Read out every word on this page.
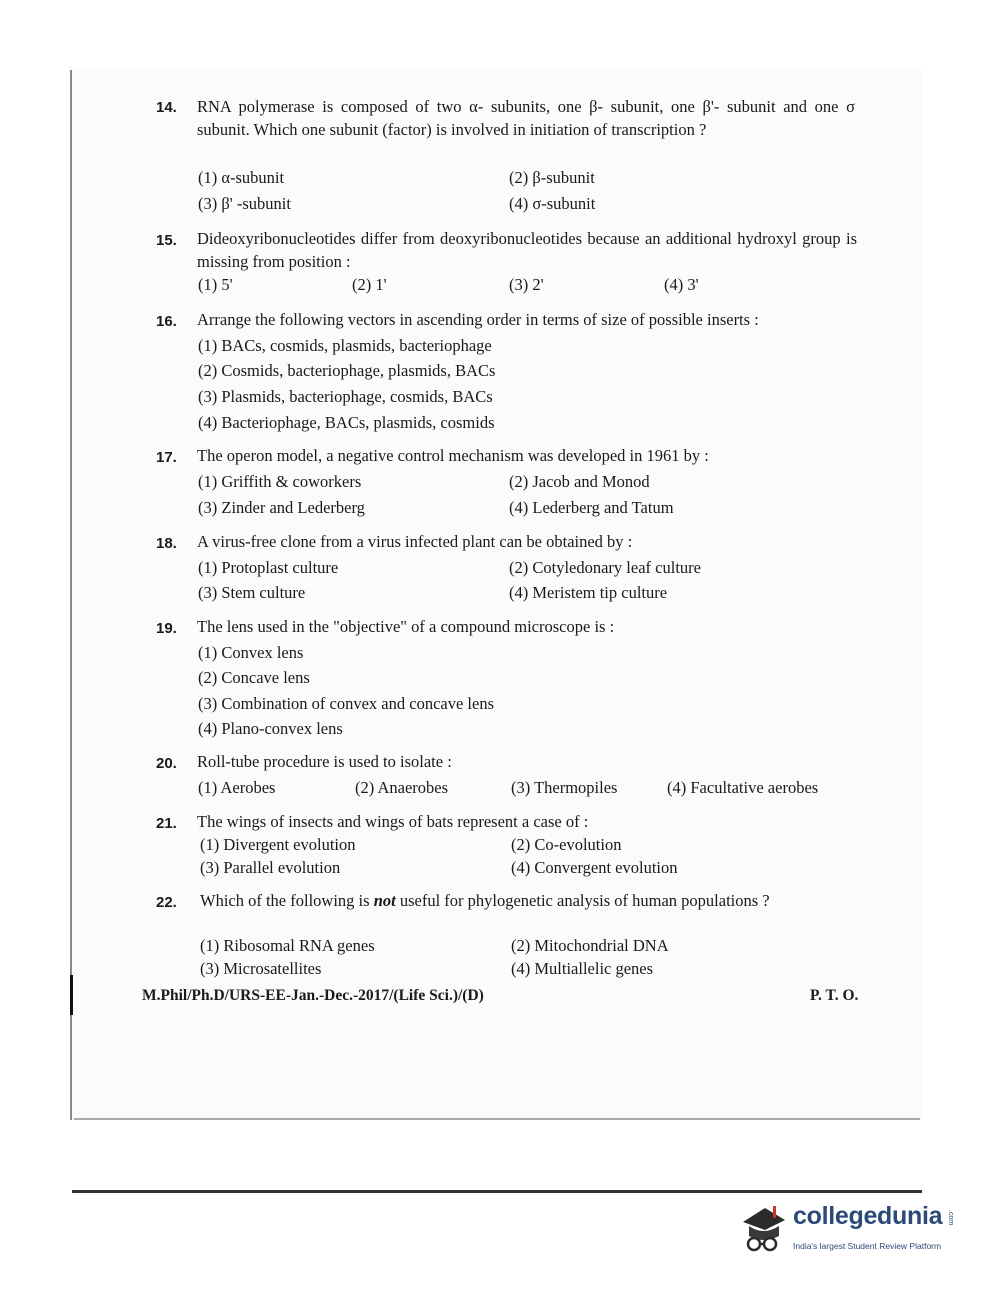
14. RNA polymerase is composed of two α- subunits, one β- subunit, one β'- subunit and one σ subunit. Which one subunit (factor) is involved in initiation of transcription ?
(1) α-subunit	(2) β-subunit
(3) β' -subunit	(4) σ-subunit
15. Dideoxyribonucleotides differ from deoxyribonucleotides because an additional hydroxyl group is missing from position :
(1) 5'	(2) 1'	(3) 2'	(4) 3'
16. Arrange the following vectors in ascending order in terms of size of possible inserts :
(1) BACs, cosmids, plasmids, bacteriophage
(2) Cosmids, bacteriophage, plasmids, BACs
(3) Plasmids, bacteriophage, cosmids, BACs
(4) Bacteriophage, BACs, plasmids, cosmids
17. The operon model, a negative control mechanism was developed in 1961 by :
(1) Griffith & coworkers	(2) Jacob and Monod
(3) Zinder and Lederberg	(4) Lederberg and Tatum
18. A virus-free clone from a virus infected plant can be obtained by :
(1) Protoplast culture	(2) Cotyledonary leaf culture
(3) Stem culture	(4) Meristem tip culture
19. The lens used in the "objective" of a compound microscope is :
(1) Convex lens
(2) Concave lens
(3) Combination of convex and concave lens
(4) Plano-convex lens
20. Roll-tube procedure is used to isolate :
(1) Aerobes	(2) Anaerobes	(3) Thermopiles	(4) Facultative aerobes
21. The wings of insects and wings of bats represent a case of :
(1) Divergent evolution	(2) Co-evolution
(3) Parallel evolution	(4) Convergent evolution
22. Which of the following is not useful for phylogenetic analysis of human populations ?
(1) Ribosomal RNA genes	(2) Mitochondrial DNA
(3) Microsatellites	(4) Multiallelic genes
M.Phil/Ph.D/URS-EE-Jan.-Dec.-2017/(Life Sci.)/(D)	P. T. O.
collegedunia .com
India's largest Student Review Platform
